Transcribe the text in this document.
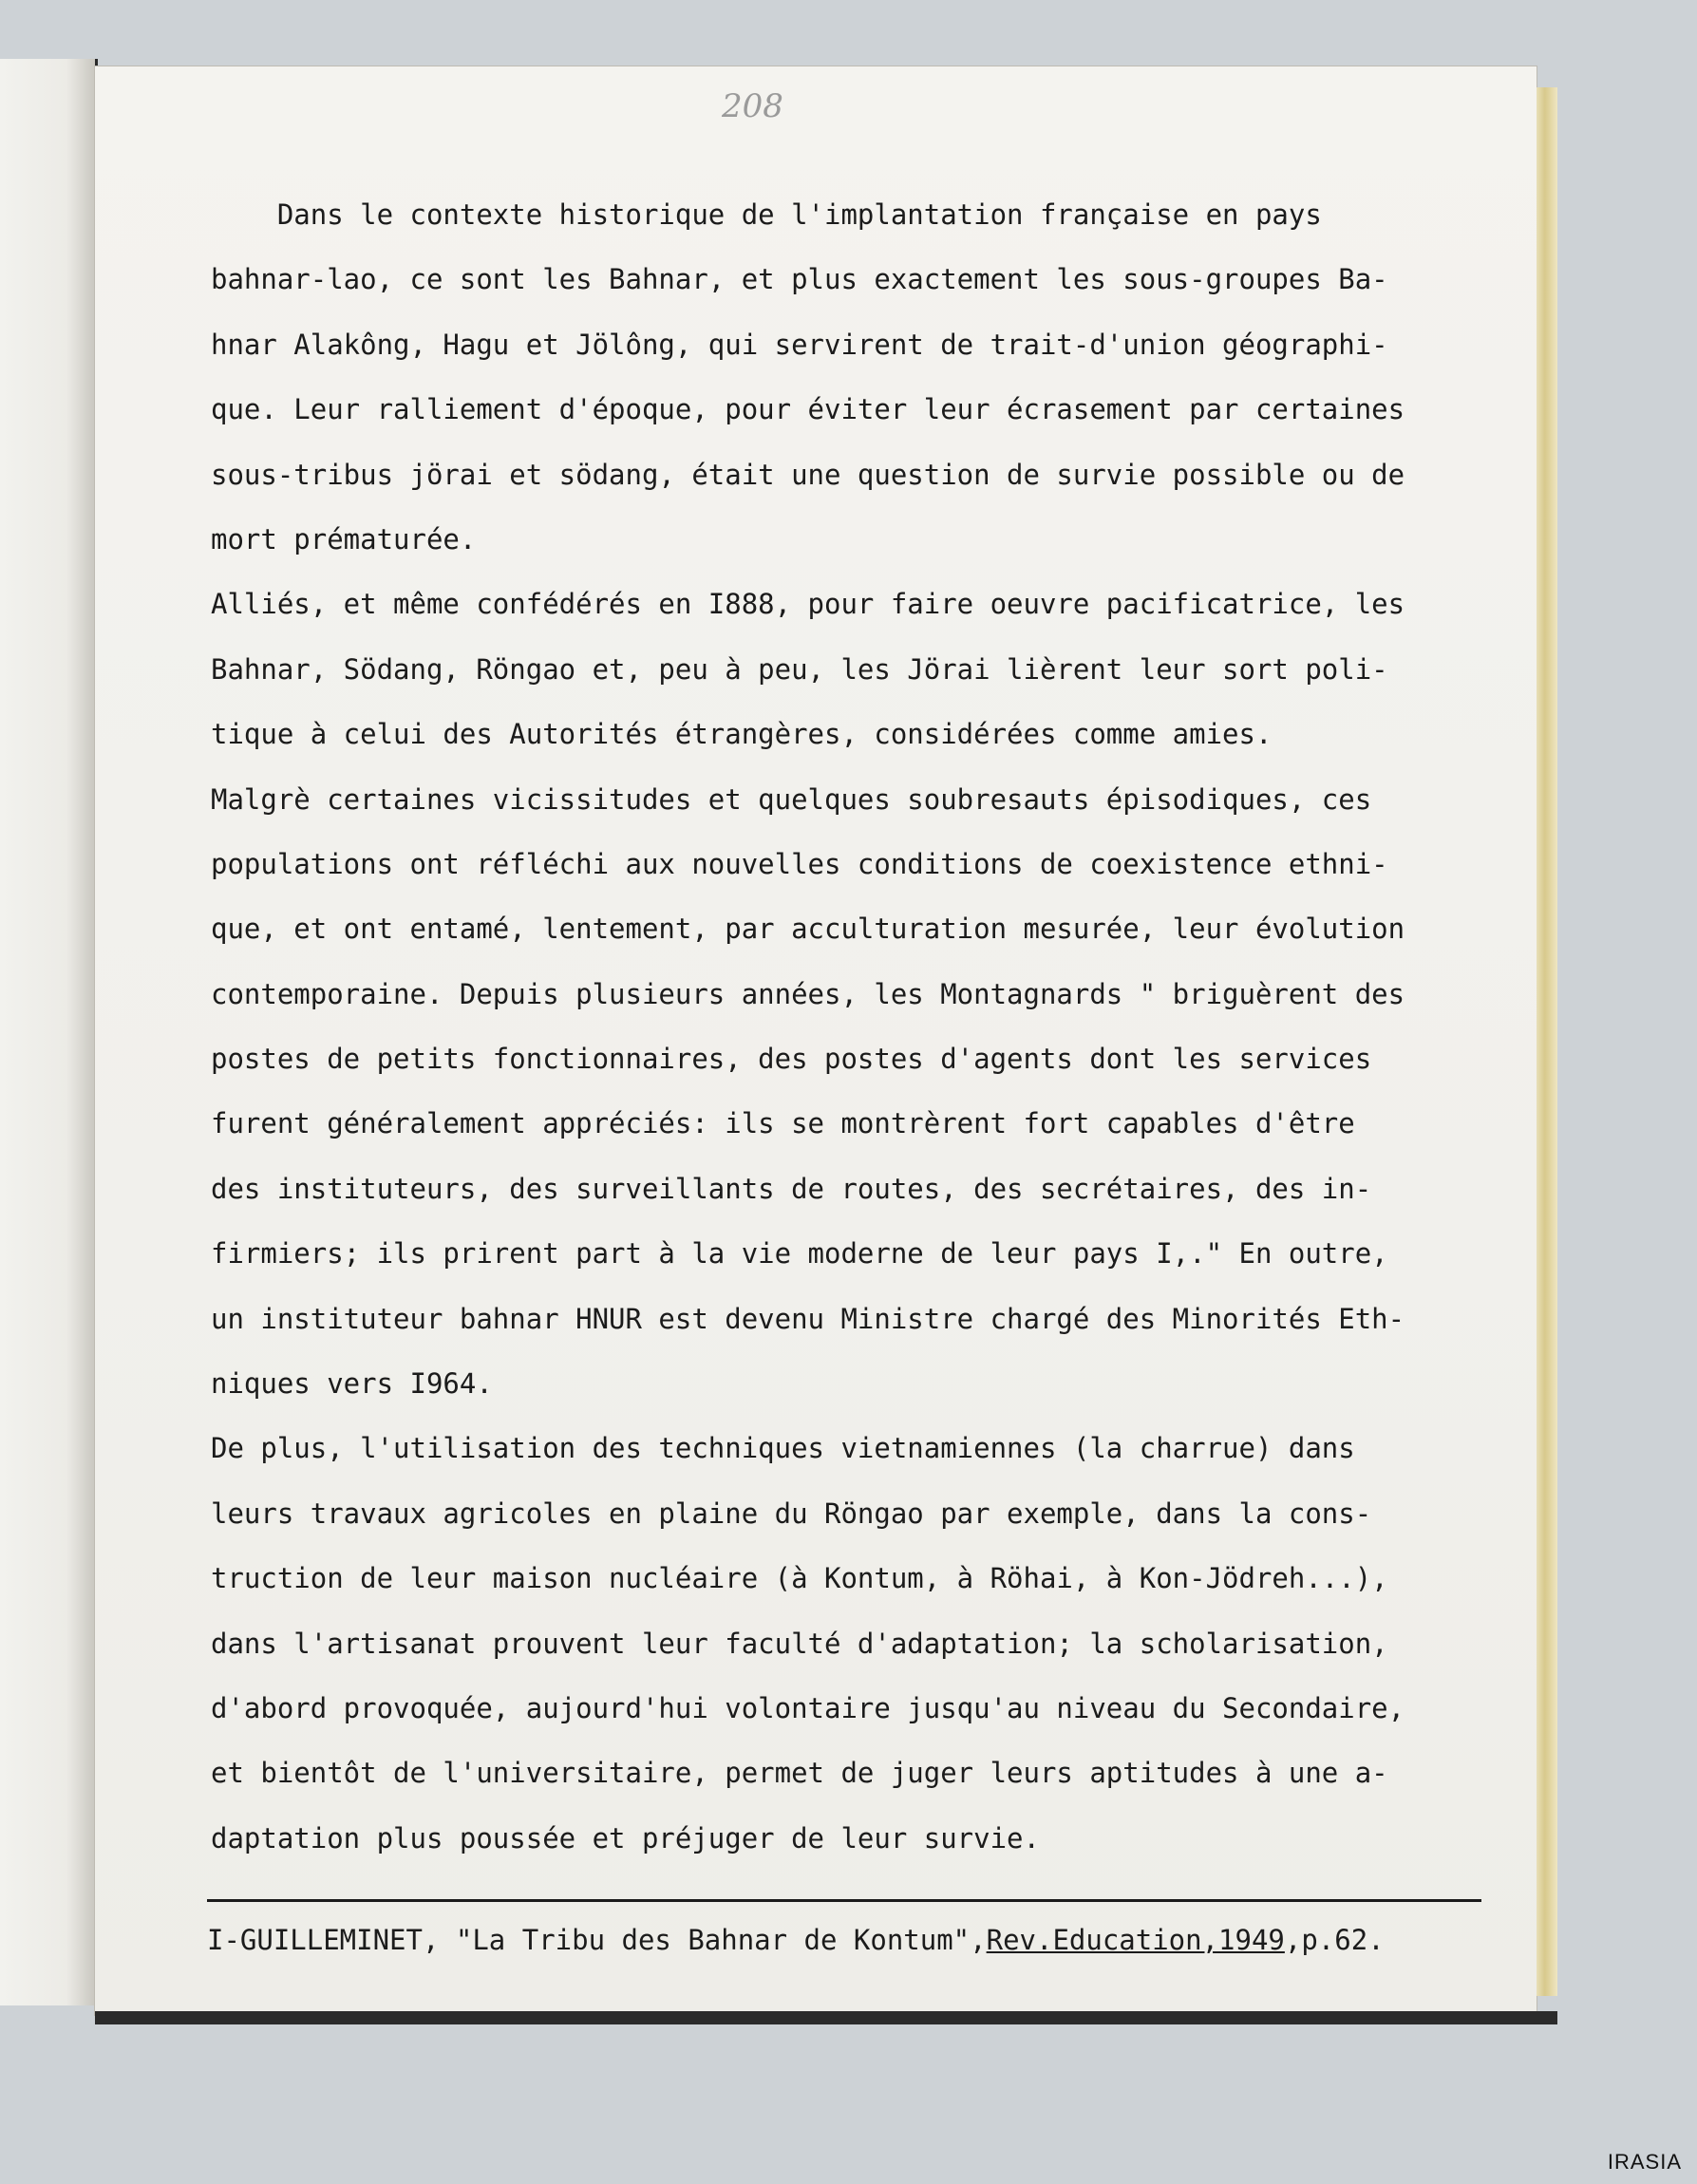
208
Dans le contexte historique de l'implantation française en pays
bahnar-lao, ce sont les Bahnar, et plus exactement les sous-groupes Ba-
hnar Alakông, Hagu et Jölông, qui servirent de trait-d'union géographi-
que. Leur ralliement d'époque, pour éviter leur écrasement par certaines
sous-tribus jörai et södang, était une question de survie possible ou de
mort prématurée.
Alliés, et même confédérés en I888, pour faire oeuvre pacificatrice, les
Bahnar, Södang, Röngao et, peu à peu, les Jörai lièrent leur sort poli-
tique à celui des Autorités étrangères, considérées comme amies.
Malgrè certaines vicissitudes et quelques soubresauts épisodiques, ces
populations ont réfléchi aux nouvelles conditions de coexistence ethni-
que, et ont entamé, lentement, par acculturation mesurée, leur évolution
contemporaine. Depuis plusieurs années, les Montagnards " briguèrent des
postes de petits fonctionnaires, des postes d'agents dont les services
furent généralement appréciés: ils se montrèrent fort capables d'être
des instituteurs, des surveillants de routes, des secrétaires, des in-
firmiers; ils prirent part à la vie moderne de leur pays I,." En outre,
un instituteur bahnar HNUR est devenu Ministre chargé des Minorités Eth-
niques vers I964.
De plus, l'utilisation des techniques vietnamiennes (la charrue) dans
leurs travaux agricoles en plaine du Röngao par exemple, dans la cons-
truction de leur maison nucléaire (à Kontum, à Röhai, à Kon-Jödreh...),
dans l'artisanat prouvent leur faculté d'adaptation; la scholarisation,
d'abord provoquée, aujourd'hui volontaire jusqu'au niveau du Secondaire,
et bientôt de l'universitaire, permet de juger leurs aptitudes à une a-
daptation plus poussée et préjuger de leur survie.
I-GUILLEMINET, "La Tribu des Bahnar de Kontum",Rev.Education,1949,p.62.
IRASIA
